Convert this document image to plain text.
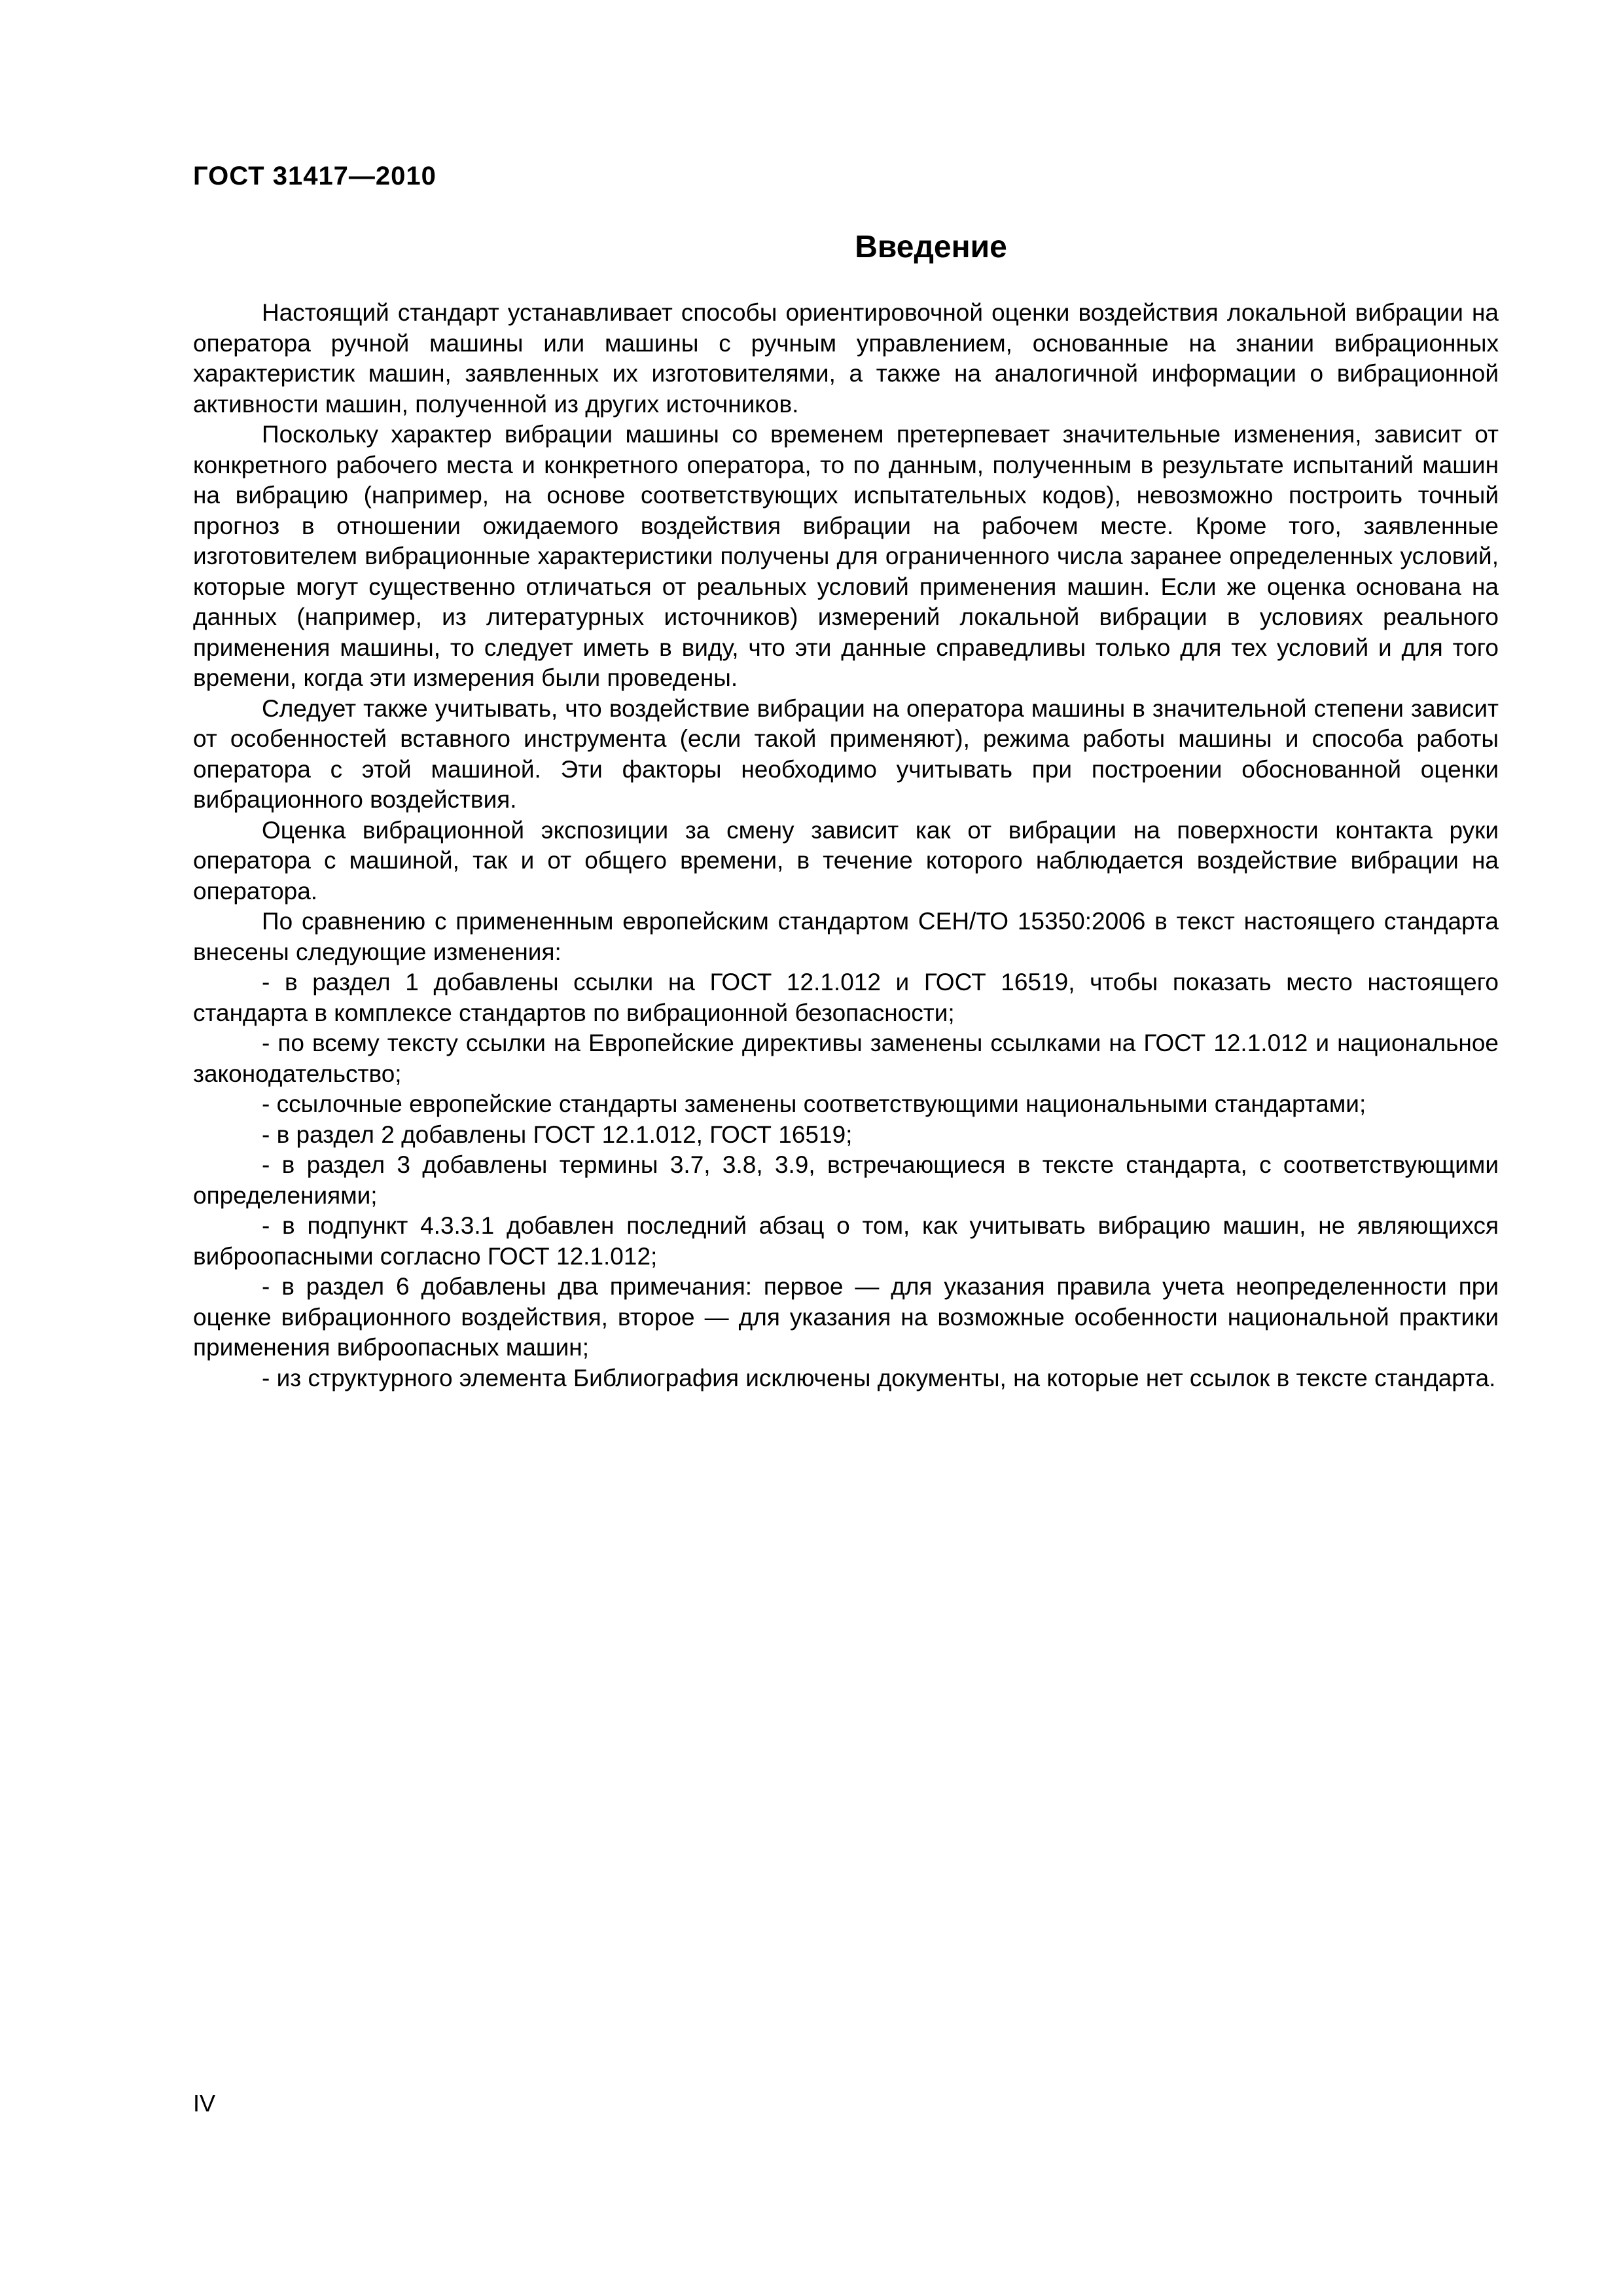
ГОСТ 31417—2010

Введение

Настоящий стандарт устанавливает способы ориентировочной оценки воздействия локальной вибрации на оператора ручной машины или машины с ручным управлением, основанные на знании вибрационных характеристик машин, заявленных их изготовителями, а также на аналогичной информации о вибрационной активности машин, полученной из других источников.

Поскольку характер вибрации машины со временем претерпевает значительные изменения, зависит от конкретного рабочего места и конкретного оператора, то по данным, полученным в результате испытаний машин на вибрацию (например, на основе соответствующих испытательных кодов), невозможно построить точный прогноз в отношении ожидаемого воздействия вибрации на рабочем месте. Кроме того, заявленные изготовителем вибрационные характеристики получены для ограниченного числа заранее определенных условий, которые могут существенно отличаться от реальных условий применения машин. Если же оценка основана на данных (например, из литературных источников) измерений локальной вибрации в условиях реального применения машины, то следует иметь в виду, что эти данные справедливы только для тех условий и для того времени, когда эти измерения были проведены.

Следует также учитывать, что воздействие вибрации на оператора машины в значительной степени зависит от особенностей вставного инструмента (если такой применяют), режима работы машины и способа работы оператора с этой машиной. Эти факторы необходимо учитывать при построении обоснованной оценки вибрационного воздействия.

Оценка вибрационной экспозиции за смену зависит как от вибрации на поверхности контакта руки оператора с машиной, так и от общего времени, в течение которого наблюдается воздействие вибрации на оператора.

По сравнению с примененным европейским стандартом СЕН/ТО 15350:2006 в текст настоящего стандарта внесены следующие изменения:

- в раздел 1 добавлены ссылки на ГОСТ 12.1.012 и ГОСТ 16519, чтобы показать место настоящего стандарта в комплексе стандартов по вибрационной безопасности;

- по всему тексту ссылки на Европейские директивы заменены ссылками на ГОСТ 12.1.012 и национальное законодательство;

- ссылочные европейские стандарты заменены соответствующими национальными стандартами;

- в раздел 2 добавлены ГОСТ 12.1.012, ГОСТ 16519;

- в раздел 3 добавлены термины 3.7, 3.8, 3.9, встречающиеся в тексте стандарта, с соответствующими определениями;

- в подпункт 4.3.3.1 добавлен последний абзац о том, как учитывать вибрацию машин, не являющихся виброопасными согласно ГОСТ 12.1.012;

- в раздел 6 добавлены два примечания: первое — для указания правила учета неопределенности при оценке вибрационного воздействия, второе — для указания на возможные особенности национальной практики применения виброопасных машин;

- из структурного элемента Библиография исключены документы, на которые нет ссылок в тексте стандарта.

IV
